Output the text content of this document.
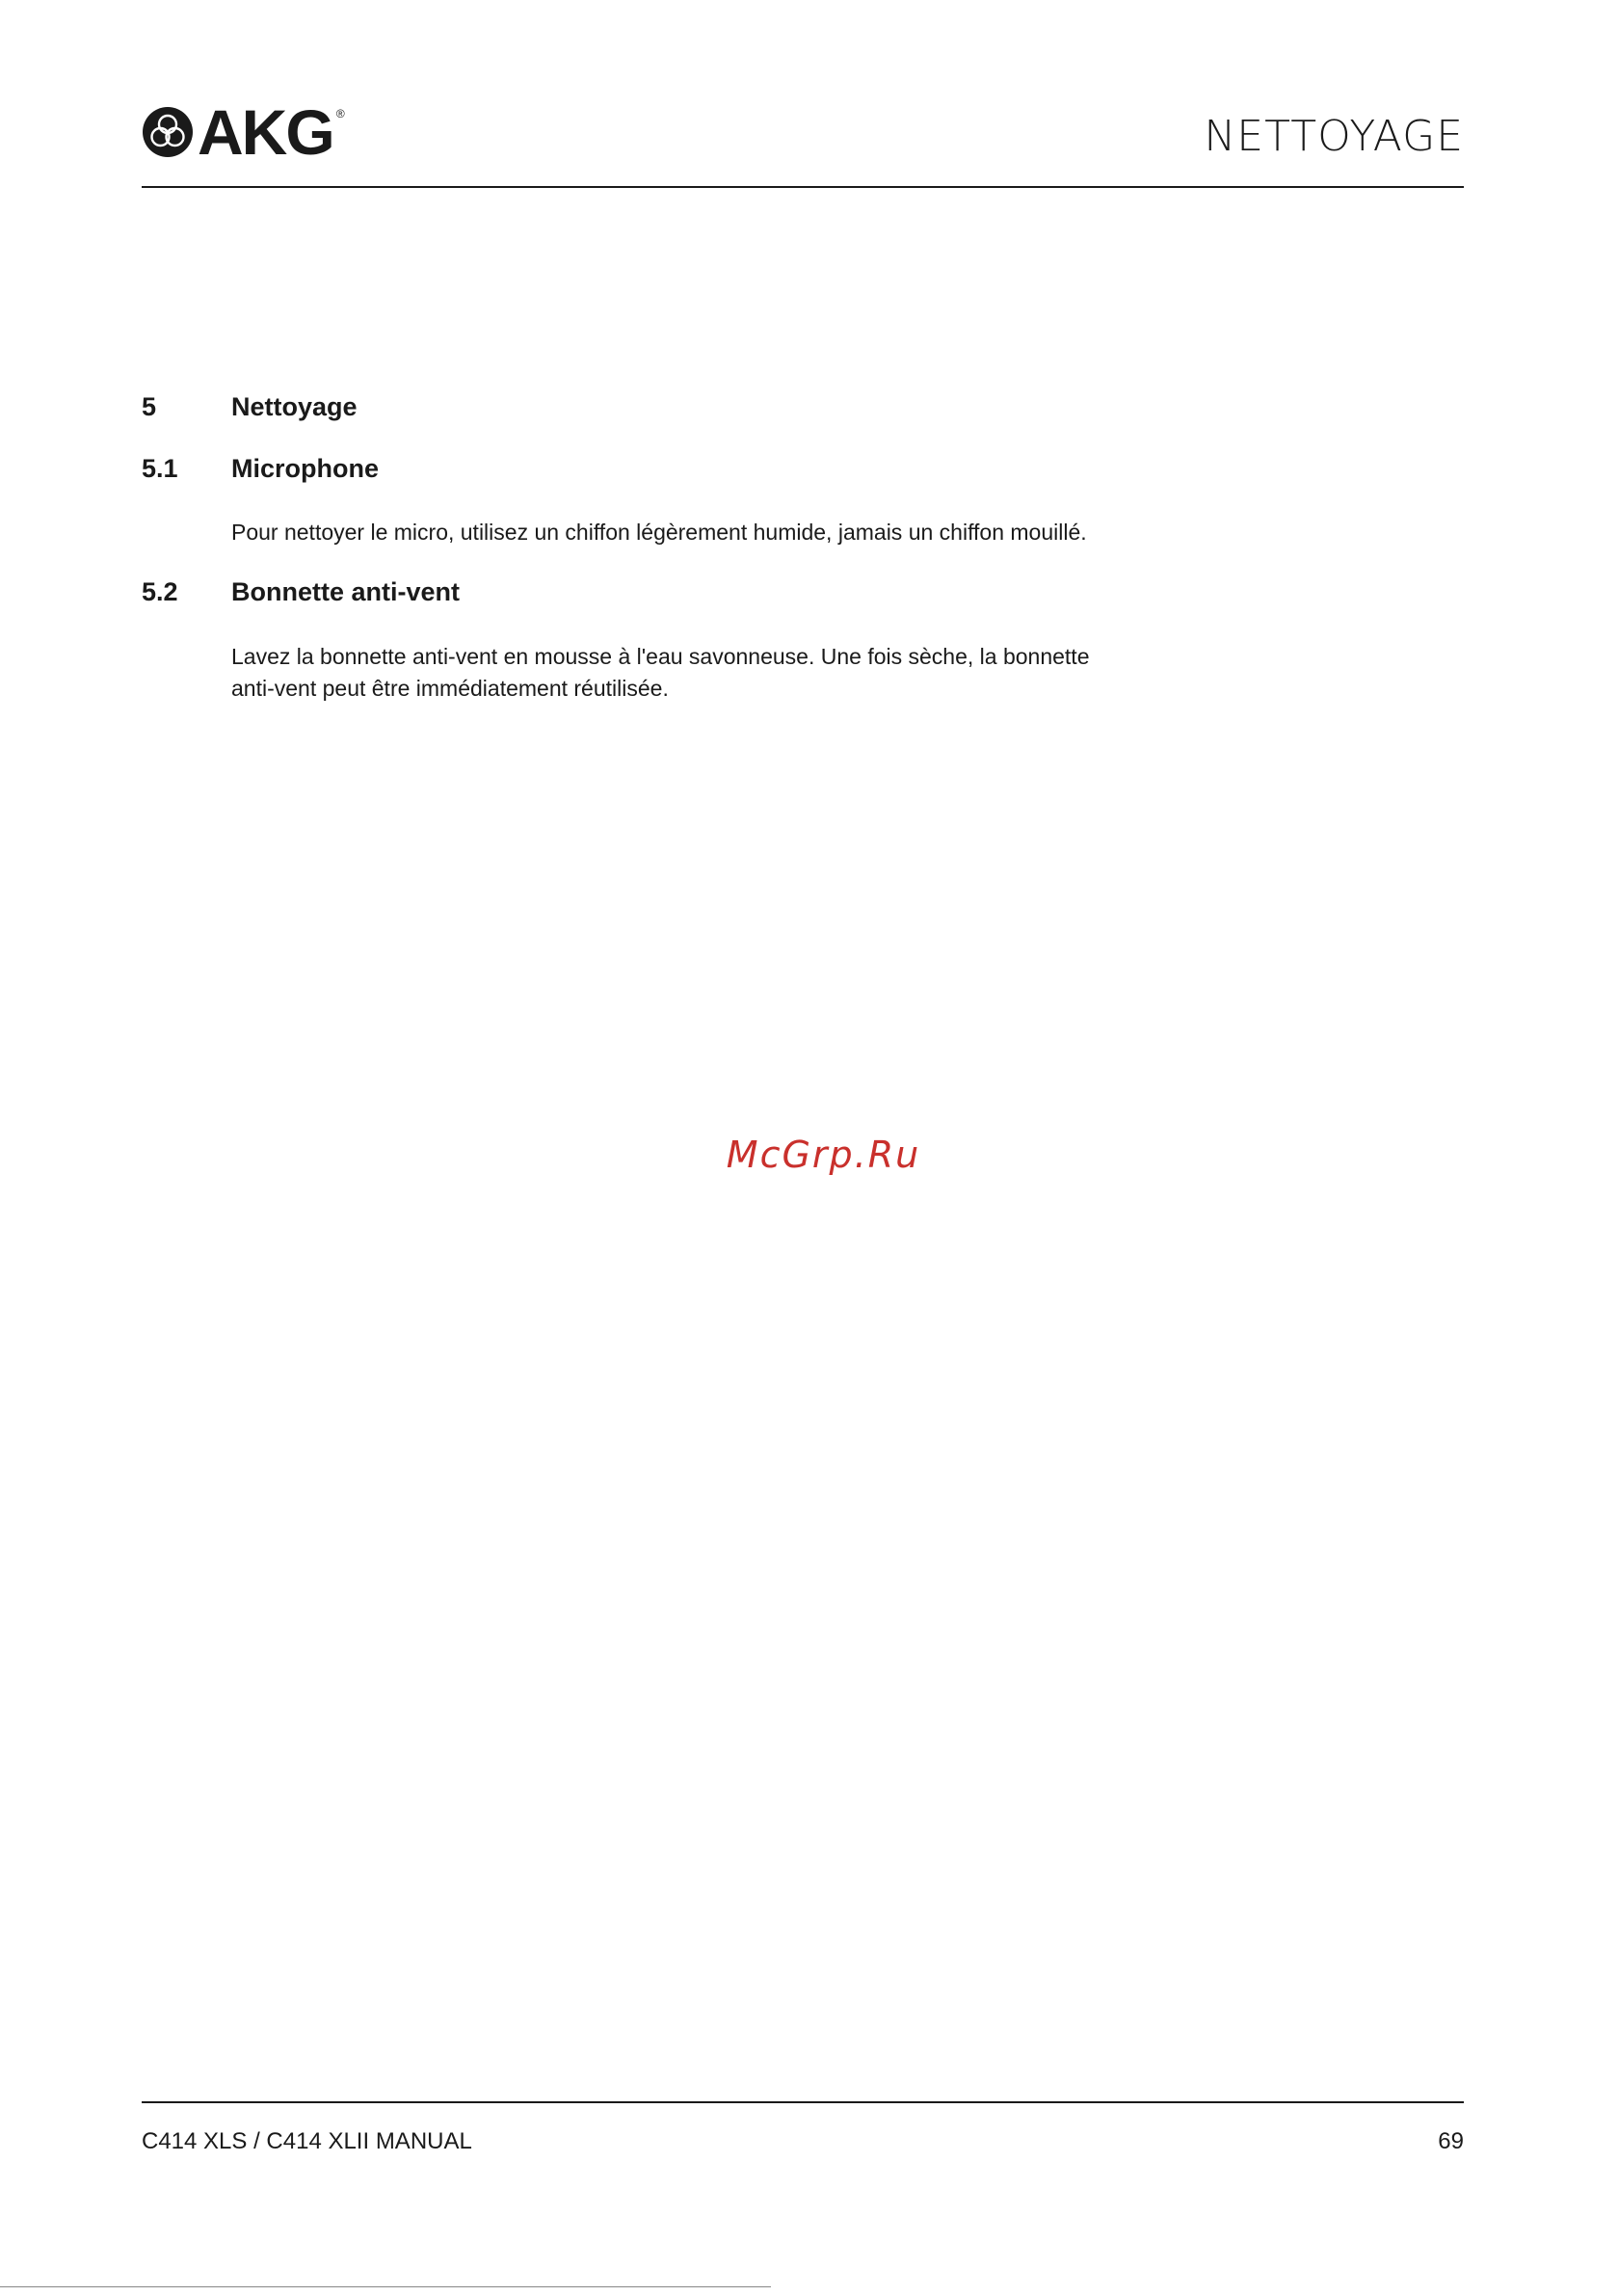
AKG ®	NETTOYAGE
5	Nettoyage
5.1	Microphone
Pour nettoyer le micro, utilisez un chiffon légèrement humide, jamais un chiffon mouillé.
5.2	Bonnette anti-vent
Lavez la bonnette anti-vent en mousse à l'eau savonneuse. Une fois sèche, la bonnette
anti-vent peut être immédiatement réutilisée.
McGrp.Ru
C414 XLS / C414 XLII MANUAL	69
